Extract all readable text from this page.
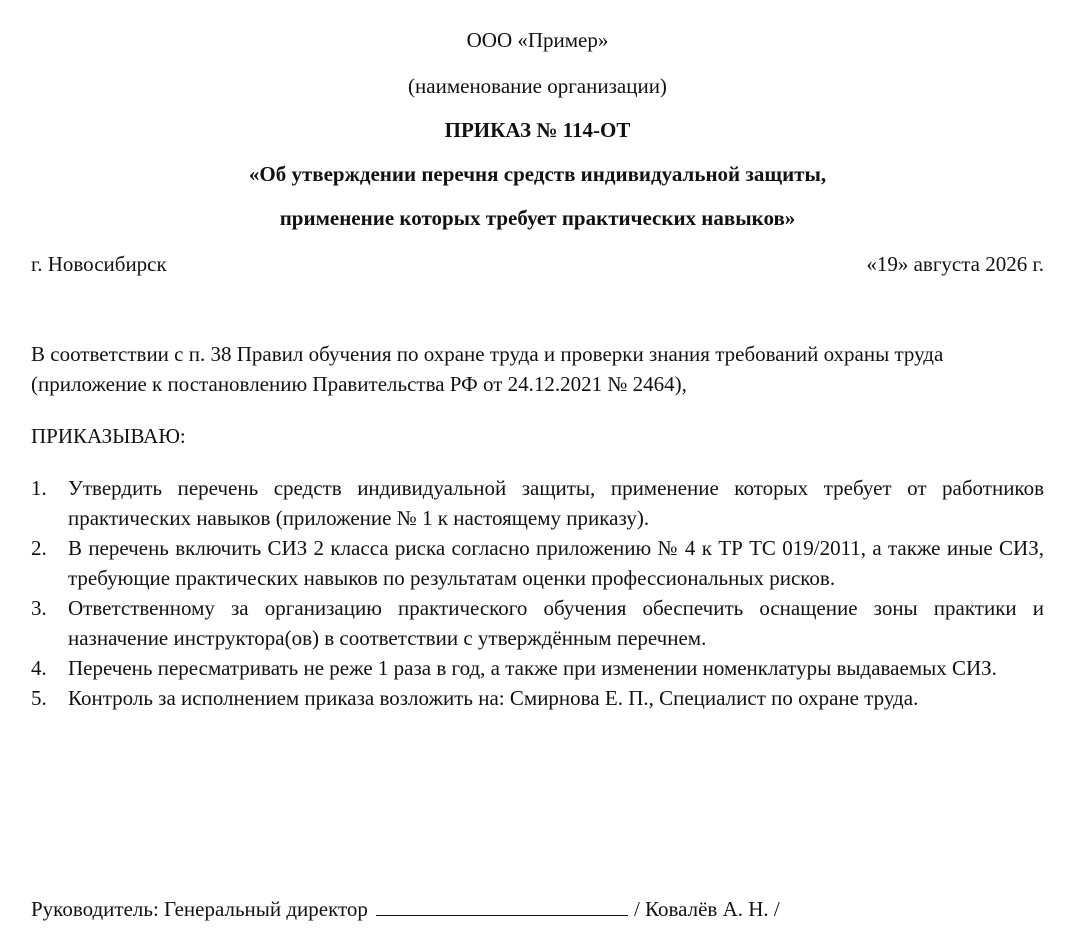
ООО «Пример»
(наименование организации)
ПРИКАЗ № 114-ОТ
«Об утверждении перечня средств индивидуальной защиты,
применение которых требует практических навыков»
г. Новосибирск	«19» августа 2026 г.
В соответствии с п. 38 Правил обучения по охране труда и проверки знания требований охраны труда (приложение к постановлению Правительства РФ от 24.12.2021 № 2464),
ПРИКАЗЫВАЮ:
1.	Утвердить перечень средств индивидуальной защиты, применение которых требует от работников практических навыков (приложение № 1 к настоящему приказу).
2.	В перечень включить СИЗ 2 класса риска согласно приложению № 4 к ТР ТС 019/2011, а также иные СИЗ, требующие практических навыков по результатам оценки профессиональных рисков.
3.	Ответственному за организацию практического обучения обеспечить оснащение зоны практики и назначение инструктора(ов) в соответствии с утверждённым перечнем.
4.	Перечень пересматривать не реже 1 раза в год, а также при изменении номенклатуры выдаваемых СИЗ.
5.	Контроль за исполнением приказа возложить на: Смирнова Е. П., Специалист по охране труда.
Руководитель: Генеральный директор	/ Ковалёв А. Н. /
